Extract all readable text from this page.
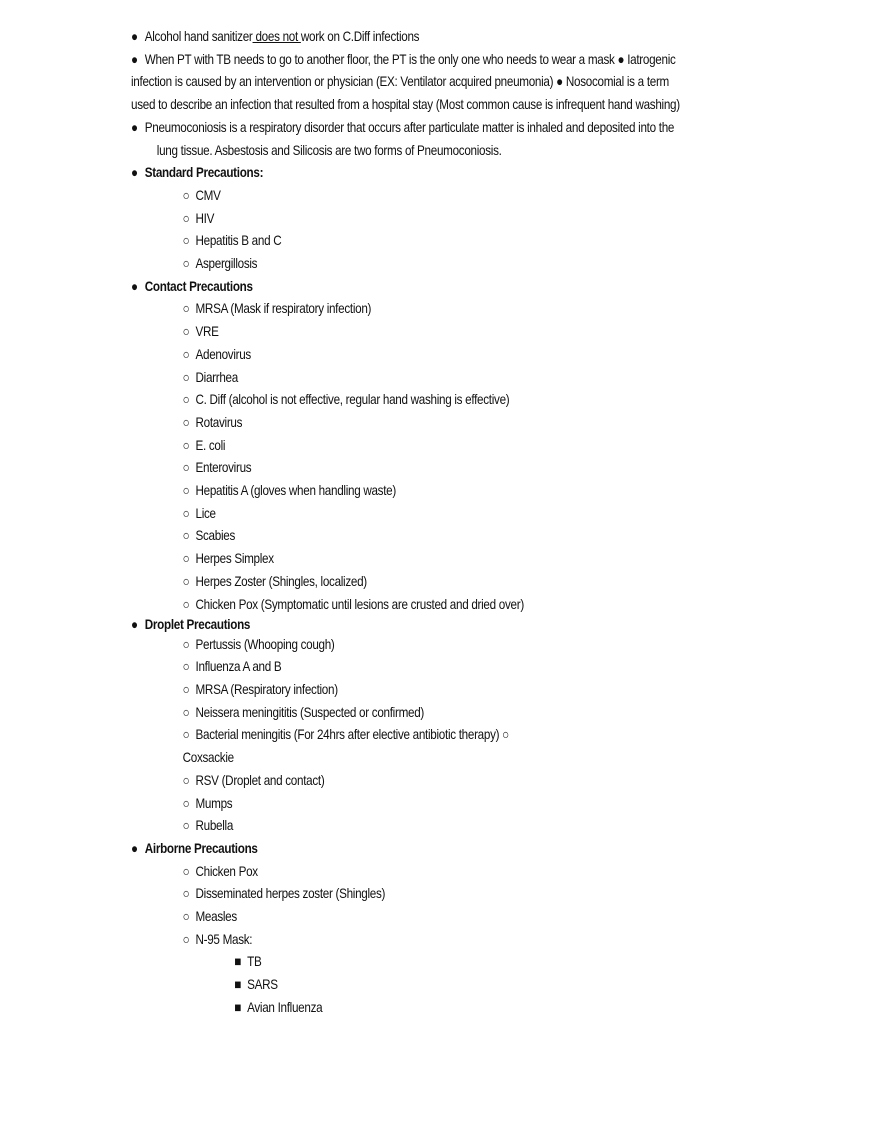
● Alcohol hand sanitizer does not work on C.Diff infections
● When PT with TB needs to go to another floor, the PT is the only one who needs to wear a mask ● Iatrogenic
infection is caused by an intervention or physician (EX: Ventilator acquired pneumonia) ● Nosocomial is a term
used to describe an infection that resulted from a hospital stay (Most common cause is infrequent hand washing)
● Pneumoconiosis is a respiratory disorder that occurs after particulate matter is inhaled and deposited into the
lung tissue. Asbestosis and Silicosis are two forms of Pneumoconiosis.
● Standard Precautions:
○ CMV
○ HIV
○ Hepatitis B and C
○ Aspergillosis
● Contact Precautions
○ MRSA (Mask if respiratory infection)
○ VRE
○ Adenovirus
○ Diarrhea
○ C. Diff (alcohol is not effective, regular hand washing is effective)
○ Rotavirus
○ E. coli
○ Enterovirus
○ Hepatitis A (gloves when handling waste)
○ Lice
○ Scabies
○ Herpes Simplex
○ Herpes Zoster (Shingles, localized)
○ Chicken Pox (Symptomatic until lesions are crusted and dried over)
● Droplet Precautions
○ Pertussis (Whooping cough)
○ Influenza A and B
○ MRSA (Respiratory infection)
○ Neissera meningititis (Suspected or confirmed)
○ Bacterial meningitis (For 24hrs after elective antibiotic therapy) ○
Coxsackie
○ RSV (Droplet and contact)
○ Mumps
○ Rubella
● Airborne Precautions
○ Chicken Pox
○ Disseminated herpes zoster (Shingles)
○ Measles
○ N-95 Mask:
■ TB
■ SARS
■ Avian Influenza
